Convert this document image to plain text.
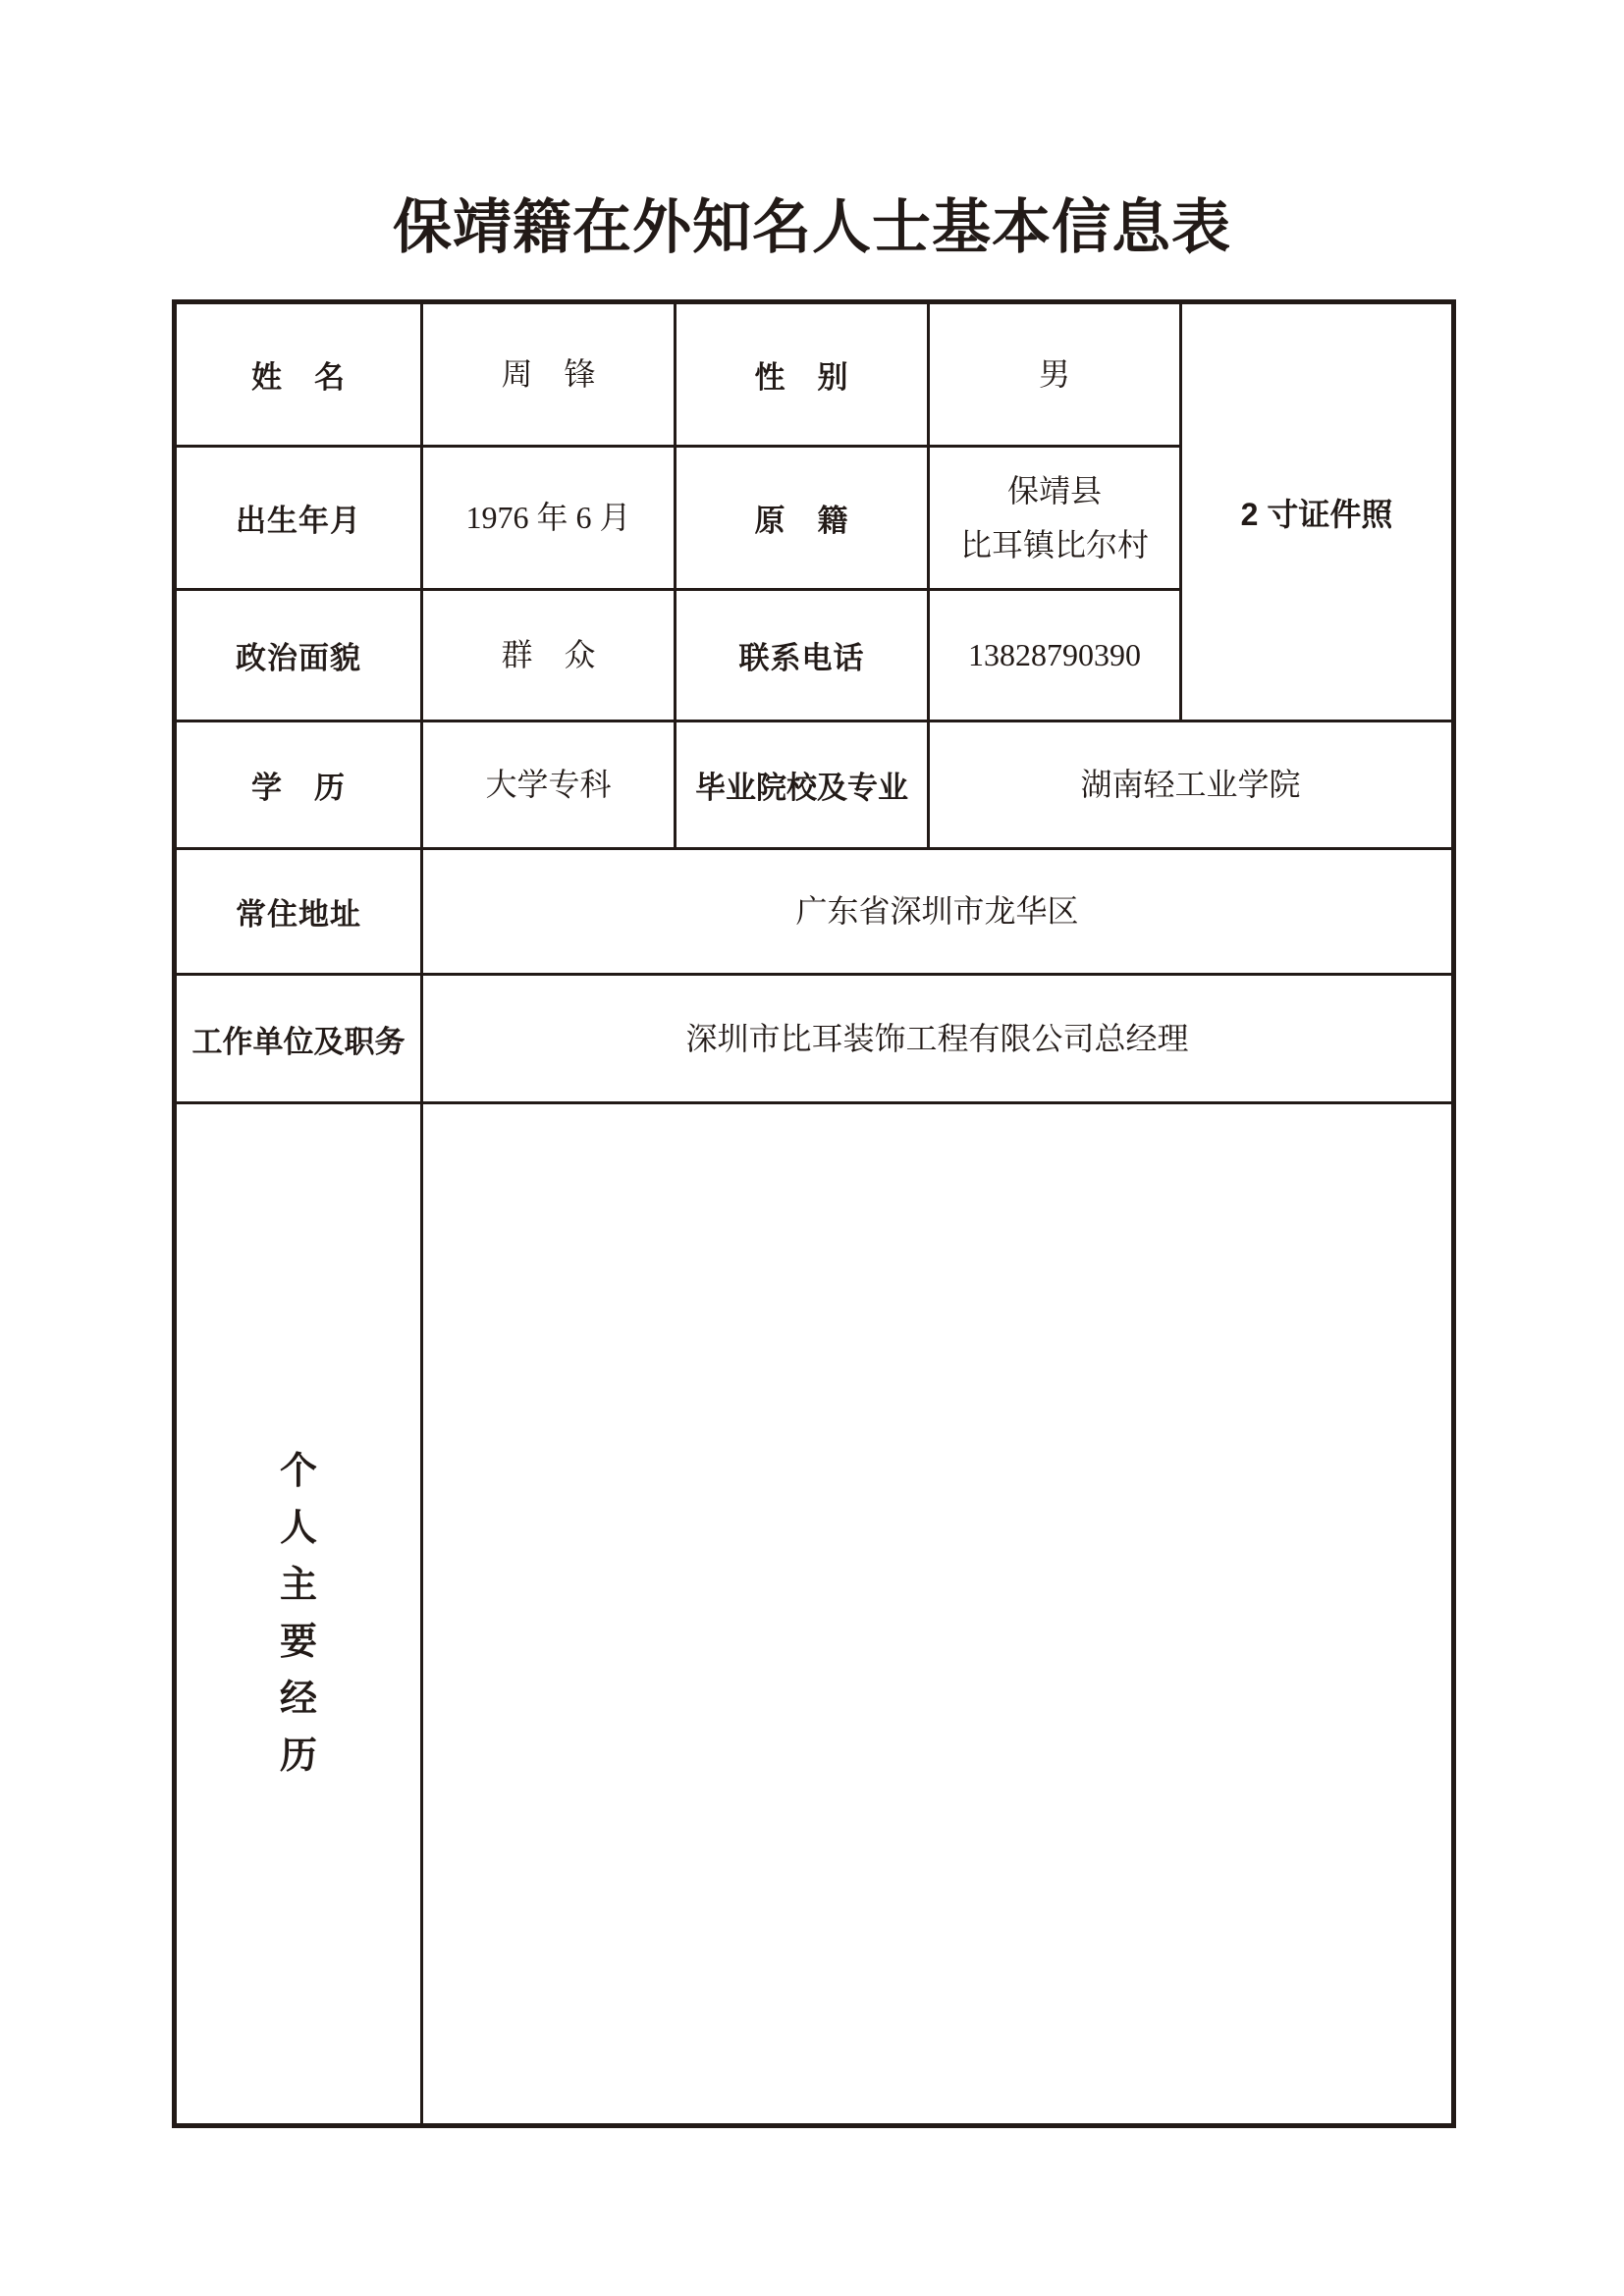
保靖籍在外知名人士基本信息表
姓　名	周　锋	性　别	男	2 寸证件照
出生年月	1976 年 6 月	原　籍	保靖县
比耳镇比尔村	

政治面貌	群　众	联系电话	13828790390	
学　历	大学专科	毕业院校及专业	湖南轻工业学院	
常住地址	广东省深圳市龙华区			
工作单位及职务	深圳市比耳装饰工程有限公司总经理			

个
人
主
要
经
历
